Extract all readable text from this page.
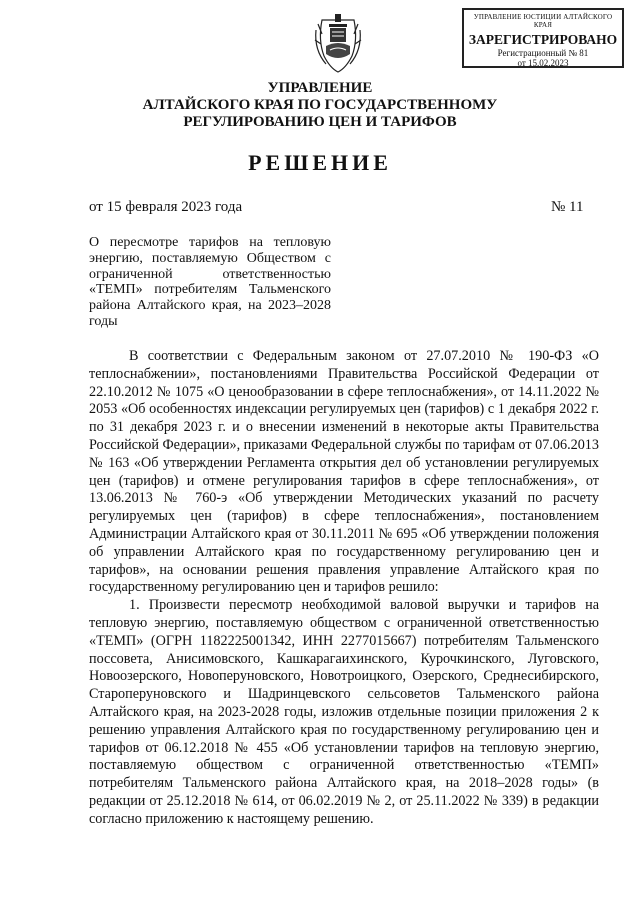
УПРАВЛЕНИЕ ЮСТИЦИИ АЛТАЙСКОГО КРАЯ
ЗАРЕГИСТРИРОВАНО
Регистрационный № 81
от 15.02.2023
УПРАВЛЕНИЕ
АЛТАЙСКОГО КРАЯ ПО ГОСУДАРСТВЕННОМУ
РЕГУЛИРОВАНИЮ ЦЕН И ТАРИФОВ
РЕШЕНИЕ
от 15 февраля 2023 года	№ 11
О пересмотре тарифов на тепловую энергию, поставляемую Обществом с ограниченной ответственностью «ТЕМП» потребителям Тальменского района Алтайского края, на 2023–2028 годы

В соответствии с Федеральным законом от 27.07.2010 № 190-ФЗ «О теплоснабжении», постановлениями Правительства Российской Федерации от 22.10.2012 № 1075 «О ценообразовании в сфере теплоснабжения», от 14.11.2022 № 2053 «Об особенностях индексации регулируемых цен (тарифов) с 1 декабря 2022 г. по 31 декабря 2023 г. и о внесении изменений в некоторые акты Правительства Российской Федерации», приказами Федеральной службы по тарифам от 07.06.2013 № 163 «Об утверждении Регламента открытия дел об установлении регулируемых цен (тарифов) и отмене регулирования тарифов в сфере теплоснабжения», от 13.06.2013 № 760-э «Об утверждении Методических указаний по расчету регулируемых цен (тарифов) в сфере теплоснабжения», постановлением Администрации Алтайского края от 30.11.2011 № 695 «Об утверждении положения об управлении Алтайского края по государственному регулированию цен и тарифов», на основании решения правления управление Алтайского края по государственному регулированию цен и тарифов решило:

1. Произвести пересмотр необходимой валовой выручки и тарифов на тепловую энергию, поставляемую обществом с ограниченной ответственностью «ТЕМП» (ОГРН 1182225001342, ИНН 2277015667) потребителям Тальменского поссовета, Анисимовского, Кашкарагаихинского, Курочкинского, Луговского, Новоозерского, Новоперуновского, Новотроицкого, Озерского, Среднесибирского, Староперуновского и Шадринцевского сельсоветов Тальменского района Алтайского края, на 2023-2028 годы, изложив отдельные позиции приложения 2 к решению управления Алтайского края по государственному регулированию цен и тарифов от 06.12.2018 № 455 «Об установлении тарифов на тепловую энергию, поставляемую обществом с ограниченной ответственностью «ТЕМП» потребителям Тальменского района Алтайского края, на 2018–2028 годы» (в редакции от 25.12.2018 № 614, от 06.02.2019 № 2, от 25.11.2022 № 339) в редакции согласно приложению к настоящему решению.
